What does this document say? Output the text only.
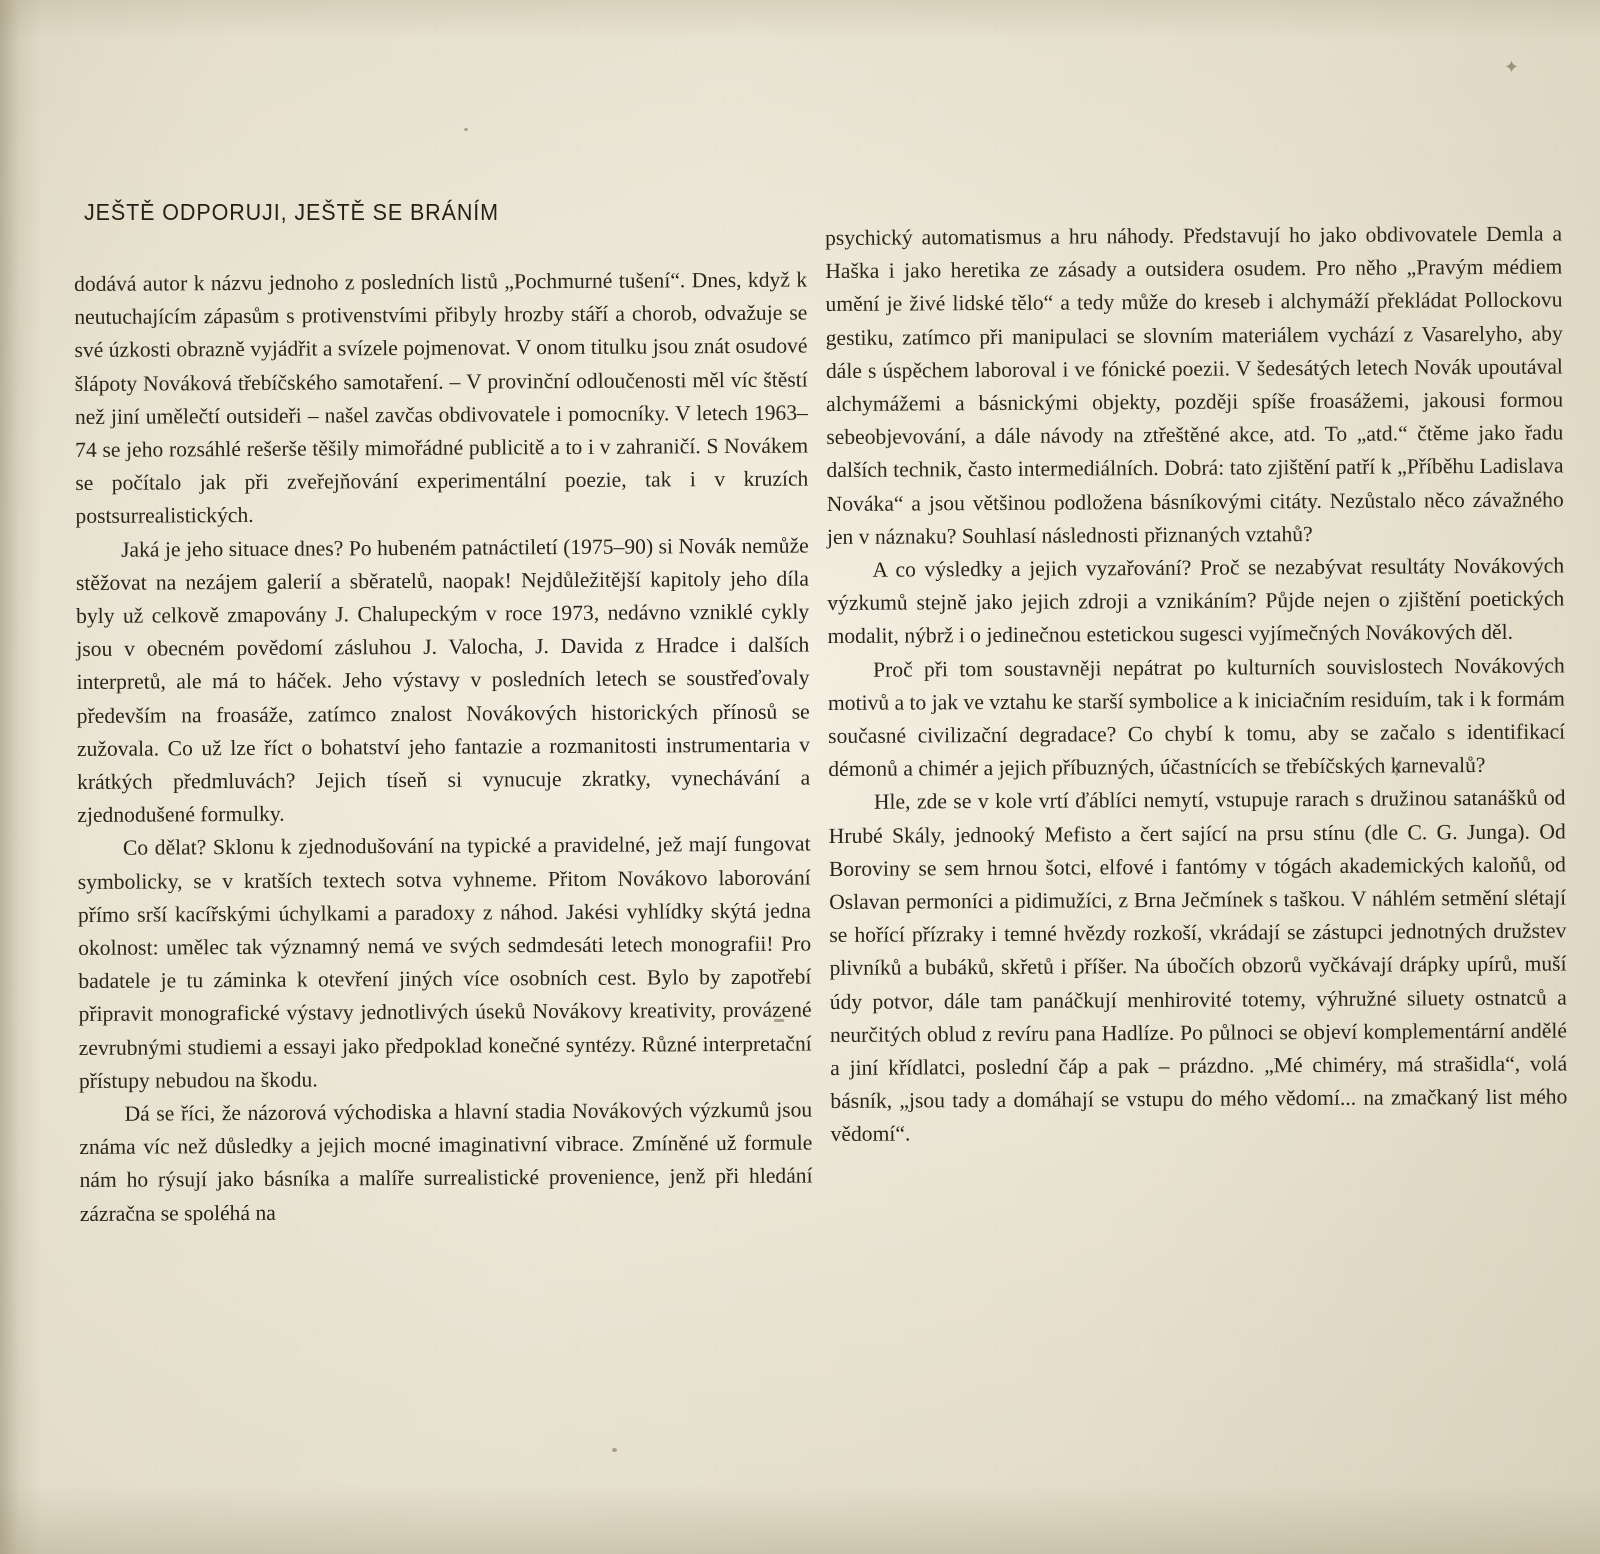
✦
JEŠTĚ ODPORUJI, JEŠTĚ SE BRÁNÍM

dodává autor k názvu jednoho z posledních listů „Pochmurné tušení“. Dnes, když k neutuchajícím zápasům s protivenstvími přibyly hrozby stáří a chorob, odvažuje se své úzkosti obrazně vyjádřit a svízele pojmenovat. V onom titulku jsou znát osudové šlápoty Nováková třebíčského samotaření. – V provinční odloučenosti měl víc štěstí než jiní umělečtí outsideři – našel zavčas obdivovatele i pomocníky. V letech 1963–74 se jeho rozsáhlé rešerše těšily mimořádné publicitě a to i v zahraničí. S Novákem se počítalo jak při zveřejňování experimentální poezie, tak i v kruzích postsurrealistických.

Jaká je jeho situace dnes? Po hubeném patnáctiletí (1975–90) si Novák nemůže stěžovat na nezájem galerií a sběratelů, naopak! Nejdůležitější kapitoly jeho díla byly už celkově zmapovány J. Chalupeckým v roce 1973, nedávno vzniklé cykly jsou v obecném povědomí zásluhou J. Valocha, J. Davida z Hradce i dalších interpretů, ale má to háček. Jeho výstavy v posledních letech se soustřeďovaly především na froasáže, zatímco znalost Novákových historických přínosů se zužovala. Co už lze říct o bohatství jeho fantazie a rozmanitosti instrumentaria v krátkých předmluvách? Jejich tíseň si vynucuje zkratky, vynechávání a zjednodušené formulky.

Co dělat? Sklonu k zjednodušování na typické a pravidelné, jež mají fungovat symbolicky, se v kratších textech sotva vyhneme. Přitom Novákovo laborování přímo srší kacířskými úchylkami a paradoxy z náhod. Jakési vyhlídky skýtá jedna okolnost: umělec tak významný nemá ve svých sedmdesáti letech monografii! Pro badatele je tu záminka k otevření jiných více osobních cest. Bylo by zapotřebí připravit monografické výstavy jednotlivých úseků Novákovy kreativity, provázené zevrubnými studiemi a essayi jako předpoklad konečné syntézy. Různé interpretační přístupy nebudou na škodu.

Dá se říci, že názorová východiska a hlavní stadia Novákových výzkumů jsou známa víc než důsledky a jejich mocné imaginativní vibrace. Zmíněné už formule nám ho rýsují jako básníka a malíře surrealistické provenience, jenž při hledání zázračna se spoléhá na

psychický automatismus a hru náhody. Představují ho jako obdivovatele Demla a Haška i jako heretika ze zásady a outsidera osudem. Pro něho „Pravým médiem umění je živé lidské tělo“ a tedy může do kreseb i alchymáží překládat Pollockovu gestiku, zatímco při manipulaci se slovním materiálem vychází z Vasarelyho, aby dále s úspěchem laboroval i ve fónické poezii. V šedesátých letech Novák upoutával alchymážemi a básnickými objekty, později spíše froasážemi, jakousi formou sebeobjevování, a dále návody na ztřeštěné akce, atd. To „atd.“ čtěme jako řadu dalších technik, často intermediálních. Dobrá: tato zjištění patří k „Příběhu Ladislava Nováka“ a jsou většinou podložena básníkovými citáty. Nezůstalo něco závažného jen v náznaku? Souhlasí následnosti přiznaných vztahů?

A co výsledky a jejich vyzařování? Proč se nezabývat resultáty Novákových výzkumů stejně jako jejich zdroji a vznikáním? Půjde nejen o zjištění poetických modalit, nýbrž i o jedinečnou estetickou sugesci vyjímečných Novákových děl.

Proč při tom soustavněji nepátrat po kulturních souvislostech Novákových motivů a to jak ve vztahu ke starší symbolice a k iniciačním residuím, tak i k formám současné civilizační degradace? Co chybí k tomu, aby se začalo s identifikací démonů a chimér a jejich příbuzných, účastnících se třebíčských karnevalů?

Hle, zde se v kole vrtí ďáblíci nemytí, vstupuje rarach s družinou satanášků od Hrubé Skály, jednooký Mefisto a čert sající na prsu stínu (dle C. G. Junga). Od Boroviny se sem hrnou šotci, elfové i fantómy v tógách akademických kaloňů, od Oslavan permoníci a pidimužíci, z Brna Ječmínek s taškou. V náhlém setmění slétají se hořící přízraky i temné hvězdy rozkoší, vkrádají se zástupci jednotných družstev plivníků a bubáků, skřetů i příšer. Na úbočích obzorů vyčkávají drápky upírů, muší údy potvor, dále tam panáčkují menhirovité totemy, výhružné siluety ostnatců a neurčitých oblud z revíru pana Hadlíze. Po půlnoci se objeví komplementární andělé a jiní křídlatci, poslední čáp a pak – prázdno. „Mé chiméry, má strašidla“, volá básník, „jsou tady a domáhají se vstupu do mého vědomí... na zmačkaný list mého vědomí“.
